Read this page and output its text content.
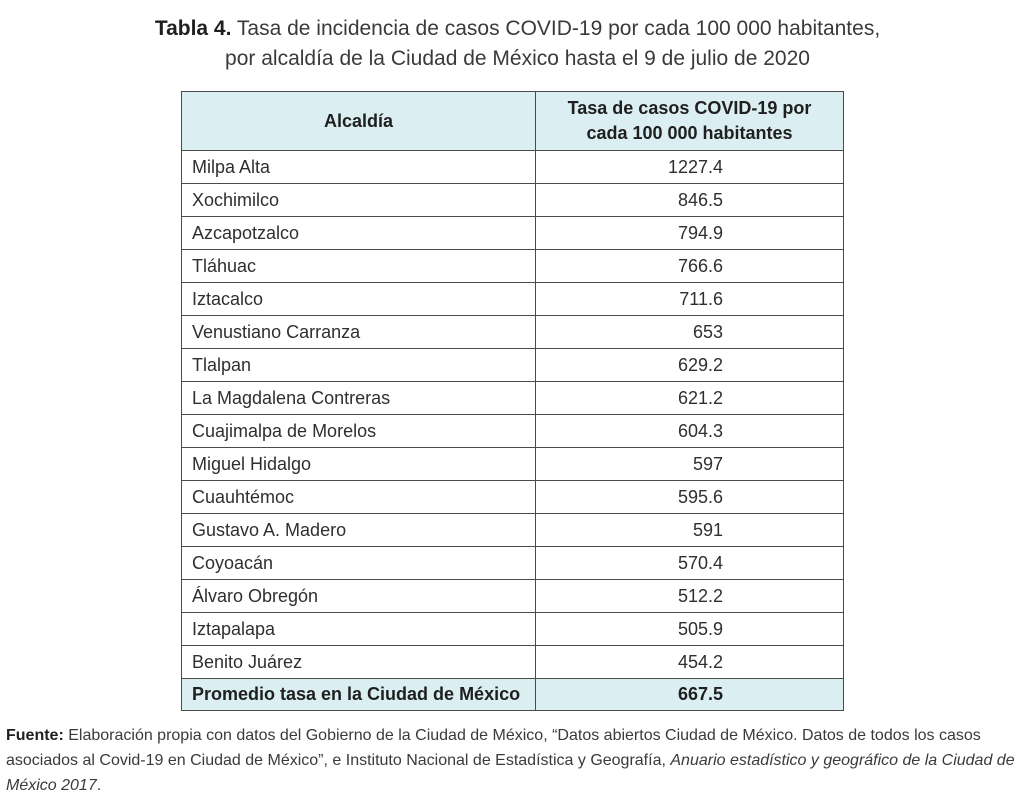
Tabla 4. Tasa de incidencia de casos COVID-19 por cada 100 000 habitantes,
por alcaldía de la Ciudad de México hasta el 9 de julio de 2020
Alcaldía	Tasa de casos COVID-19 por
cada 100 000 habitantes

Milpa Alta	1227.4
Xochimilco	846.5
Azcapotzalco	794.9
Tláhuac	766.6
Iztacalco	711.6
Venustiano Carranza	653
Tlalpan	629.2
La Magdalena Contreras	621.2
Cuajimalpa de Morelos	604.3
Miguel Hidalgo	597
Cuauhtémoc	595.6
Gustavo A. Madero	591
Coyoacán	570.4
Álvaro Obregón	512.2
Iztapalapa	505.9
Benito Juárez	454.2
Promedio tasa en la Ciudad de México	667.5
Fuente: Elaboración propia con datos del Gobierno de la Ciudad de México, “Datos abiertos Ciudad de México. Datos de todos los casos asociados al Covid-19 en Ciudad de México”, e Instituto Nacional de Estadística y Geografía, Anuario estadístico y geográfico de la Ciudad de México 2017.
